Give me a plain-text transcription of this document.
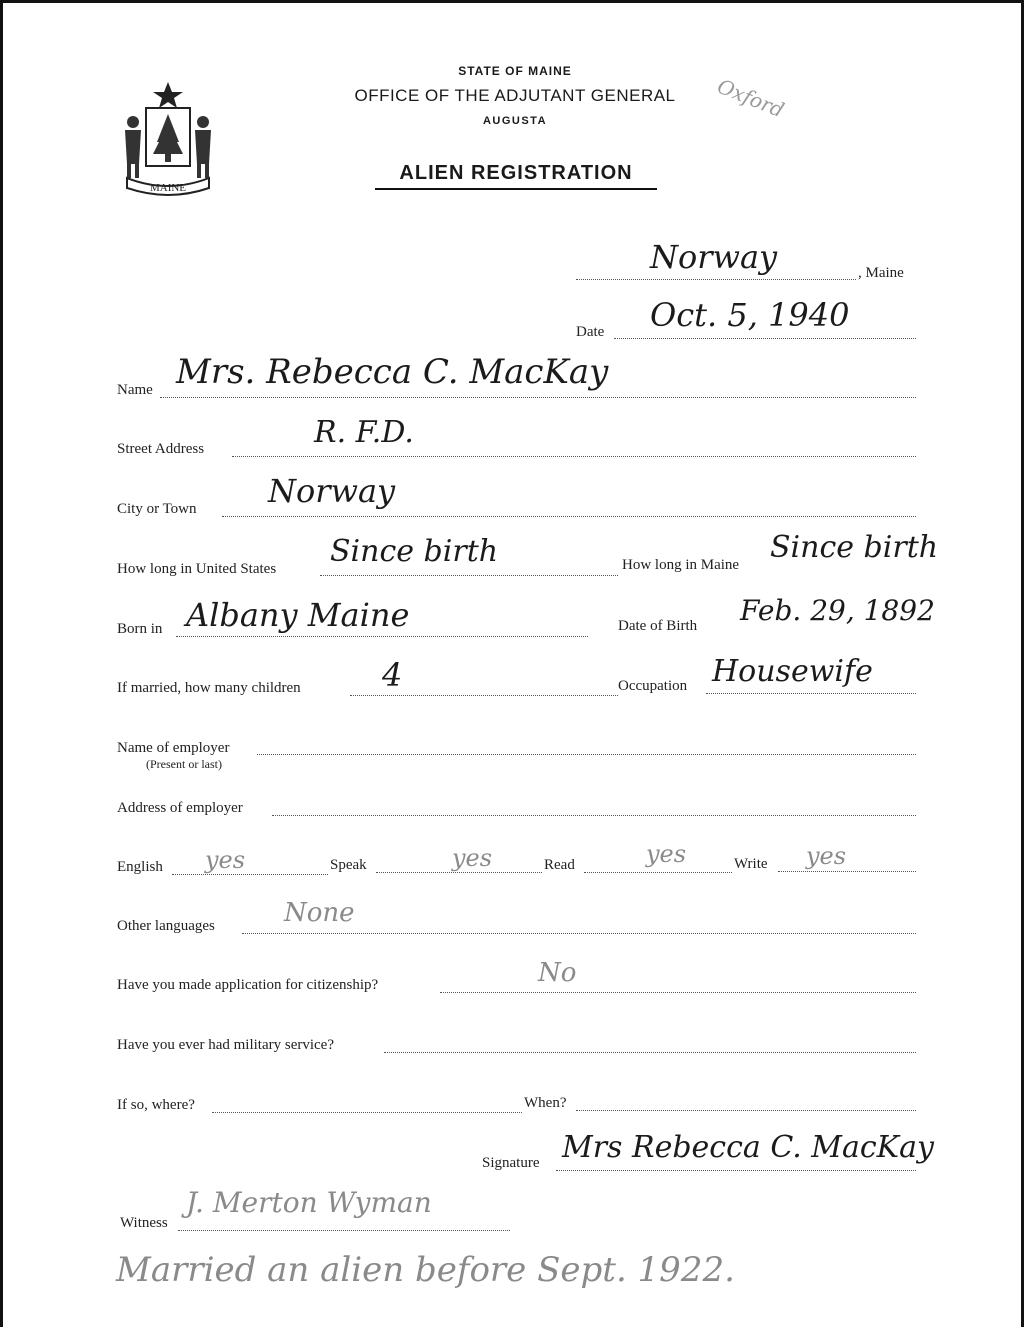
MAINE
STATE OF MAINE
OFFICE OF THE ADJUTANT GENERAL
AUGUSTA
ALIEN REGISTRATION
Oxford
Norway	, Maine
Date Oct. 5, 1940
Name Mrs. Rebecca C. MacKay
Street Address	R. F.D.
City or Town Norway
How long in United States Since birth	How long in Maine Since birth
Born in Albany Maine	Date of Birth Feb. 29, 1892
If married, how many children	4	Occupation Housewife
Name of employer
(Present or last)
Address of employer
English yes	Speak	yes	Read	yes	Write yes
Other languages	None
Have you made application for citizenship?	No
Have you ever had military service?
If so, where?	When?
Signature Mrs Rebecca C. MacKay
Witness
J. Merton Wyman
Married an alien before Sept. 1922.
